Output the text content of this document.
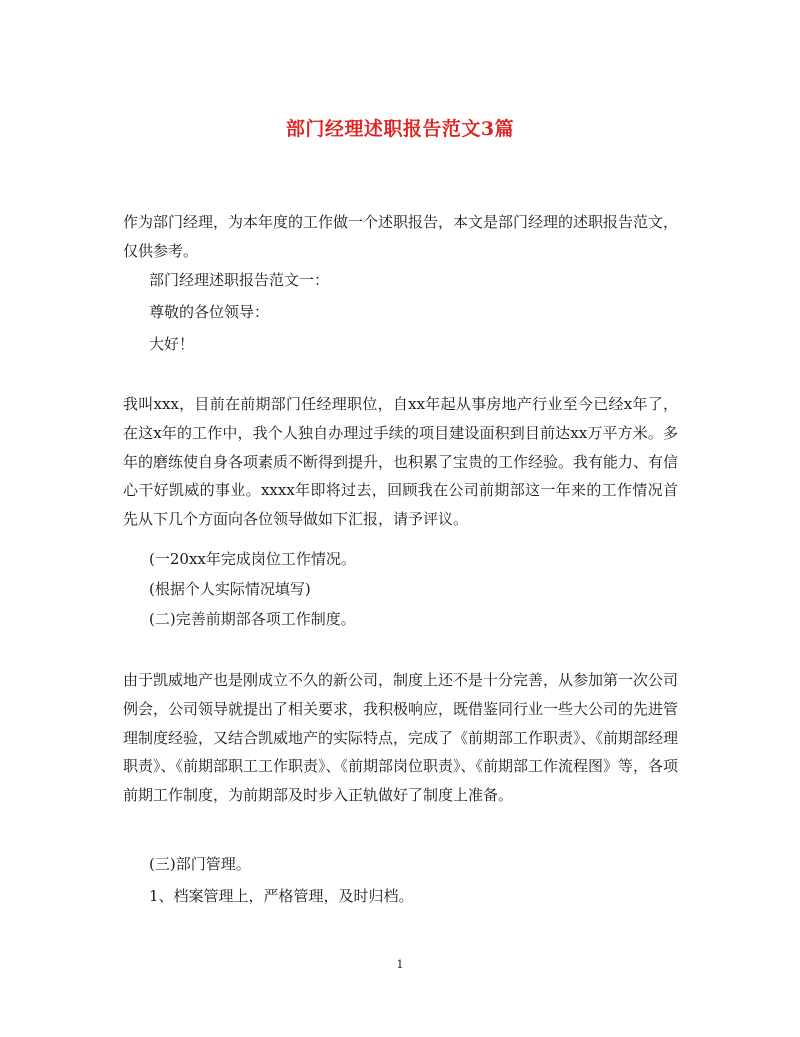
部门经理述职报告范文3篇

作为部门经理，为本年度的工作做一个述职报告，本文是部门经理的述职报告范文，仅供参考。

部门经理述职报告范文一：

尊敬的各位领导：

大好！

我叫xxx，目前在前期部门任经理职位，自xx年起从事房地产行业至今已经x年了，在这x年的工作中，我个人独自办理过手续的项目建设面积到目前达xx万平方米。多年的磨练使自身各项素质不断得到提升，也积累了宝贵的工作经验。我有能力、有信心干好凯威的事业。xxxx年即将过去，回顾我在公司前期部这一年来的工作情况首先从下几个方面向各位领导做如下汇报，请予评议。

(一20xx年完成岗位工作情况。

(根据个人实际情况填写)

(二)完善前期部各项工作制度。

由于凯威地产也是刚成立不久的新公司，制度上还不是十分完善，从参加第一次公司例会，公司领导就提出了相关要求，我积极响应，既借鉴同行业一些大公司的先进管理制度经验，又结合凯威地产的实际特点，完成了《前期部工作职责》、《前期部经理职责》、《前期部职工工作职责》、《前期部岗位职责》、《前期部工作流程图》等，各项前期工作制度，为前期部及时步入正轨做好了制度上准备。

(三)部门管理。

1、档案管理上，严格管理，及时归档。

1
